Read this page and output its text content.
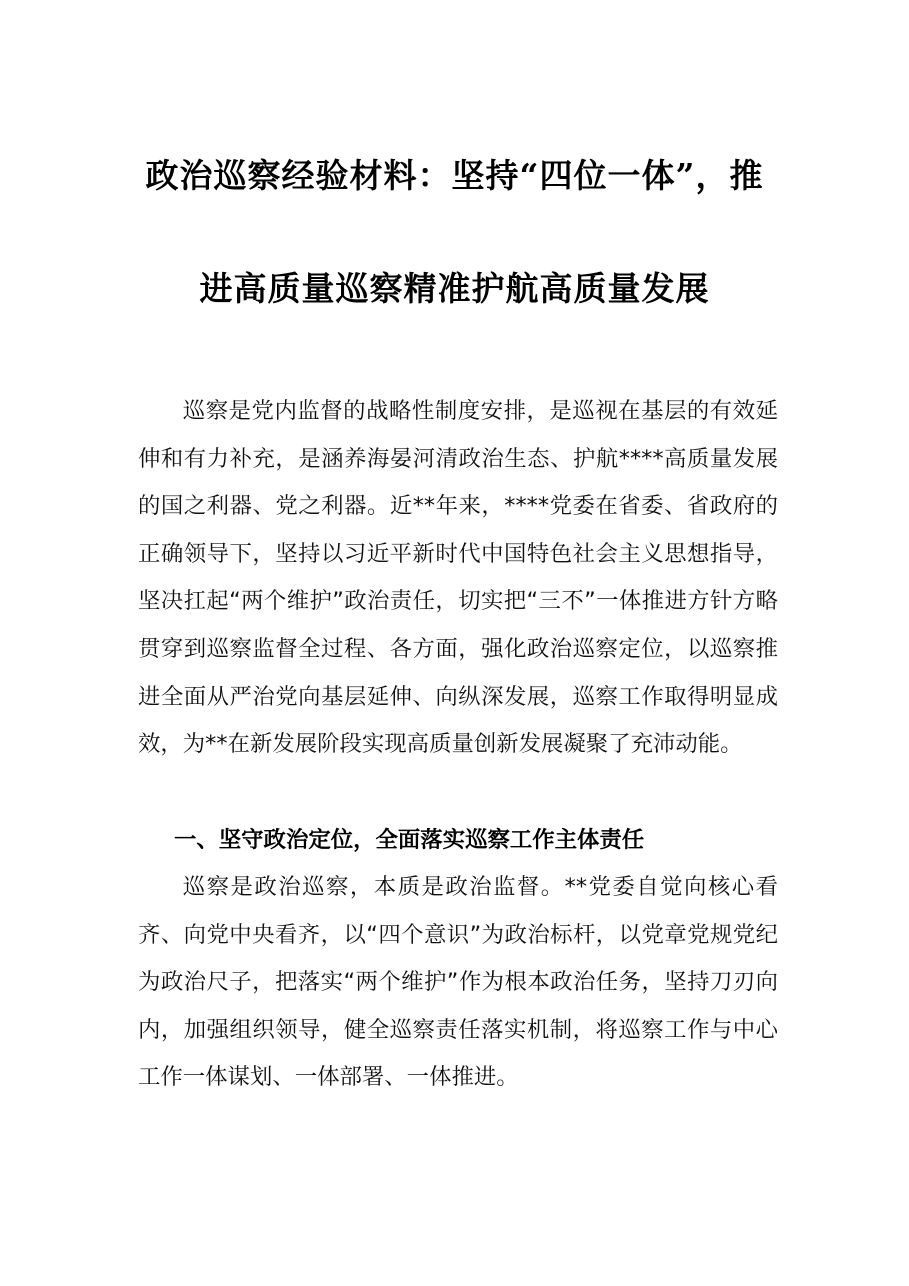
政治巡察经验材料：坚持“四位一体”，推
进高质量巡察精准护航高质量发展

巡察是党内监督的战略性制度安排，是巡视在基层的有效延伸和有力补充，是涵养海晏河清政治生态、护航****高质量发展的国之利器、党之利器。近**年来，****党委在省委、省政府的正确领导下，坚持以习近平新时代中国特色社会主义思想指导，坚决扛起“两个维护”政治责任，切实把“三不”一体推进方针方略贯穿到巡察监督全过程、各方面，强化政治巡察定位，以巡察推进全面从严治党向基层延伸、向纵深发展，巡察工作取得明显成效，为**在新发展阶段实现高质量创新发展凝聚了充沛动能。

一、坚守政治定位，全面落实巡察工作主体责任

巡察是政治巡察，本质是政治监督。**党委自觉向核心看齐、向党中央看齐，以“四个意识”为政治标杆，以党章党规党纪为政治尺子，把落实“两个维护”作为根本政治任务，坚持刀刃向内，加强组织领导，健全巡察责任落实机制，将巡察工作与中心工作一体谋划、一体部署、一体推进。
